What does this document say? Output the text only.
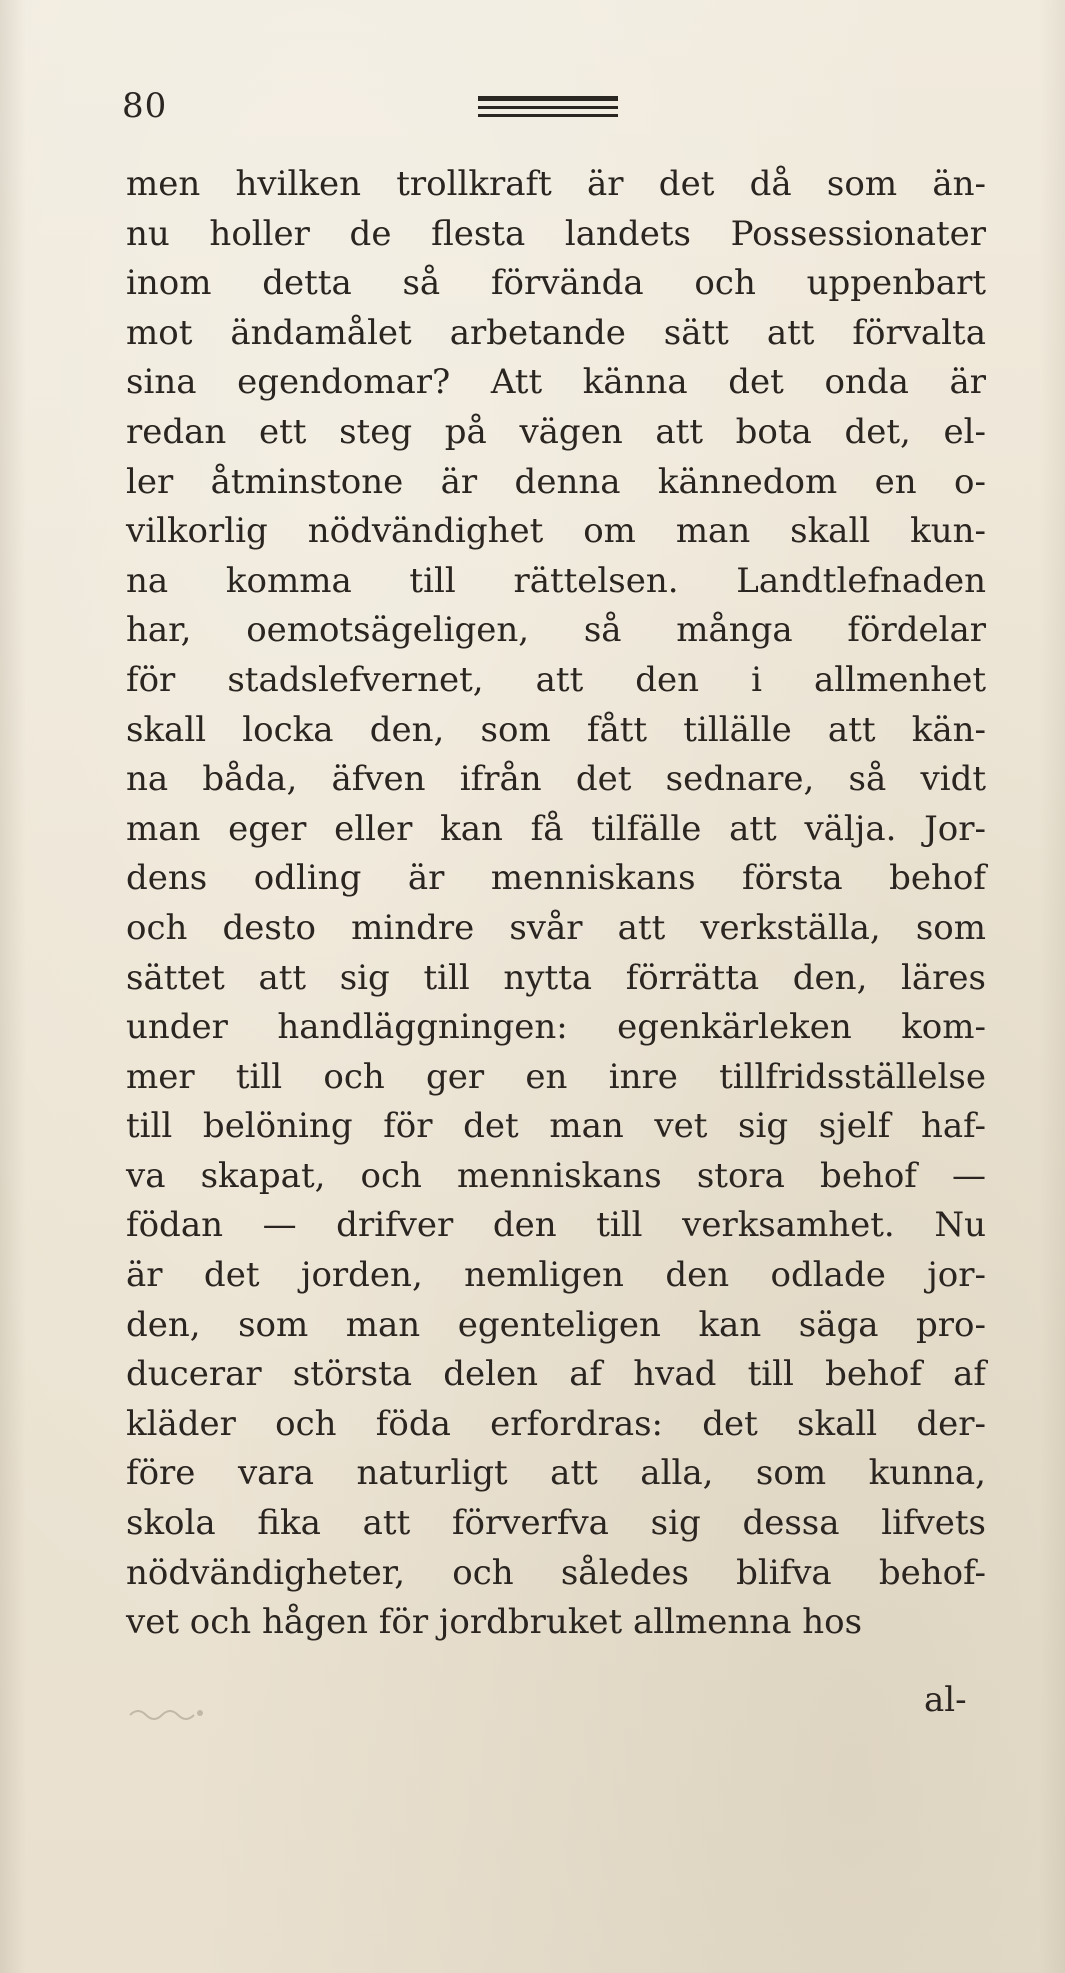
80
men hvilken trollkraft är det då som än-
nu holler de flesta landets Possessionater
inom detta så förvända och uppenbart
mot ändamålet arbetande sätt att förvalta
sina egendomar? Att känna det onda är
redan ett steg på vägen att bota det, el-
ler åtminstone är denna kännedom en o-
vilkorlig nödvändighet om man skall kun-
na komma till rättelsen. Landtlefnaden
har, oemotsägeligen, så många fördelar
för stadslefvernet, att den i allmenhet
skall locka den, som fått tillälle att kän-
na båda, äfven ifrån det sednare, så vidt
man eger eller kan få tilfälle att välja. Jor-
dens odling är menniskans första behof
och desto mindre svår att verkställa, som
sättet att sig till nytta förrätta den, läres
under handläggningen: egenkärleken kom-
mer till och ger en inre tillfridsställelse
till belöning för det man vet sig sjelf haf-
va skapat, och menniskans stora behof —
födan — drifver den till verksamhet. Nu
är det jorden, nemligen den odlade jor-
den, som man egenteligen kan säga pro-
ducerar största delen af hvad till behof af
kläder och föda erfordras: det skall der-
före vara naturligt att alla, som kunna,
skola fika att förverfva sig dessa lifvets
nödvändigheter, och således blifva behof-
vet och hågen för jordbruket allmenna hos
al-
